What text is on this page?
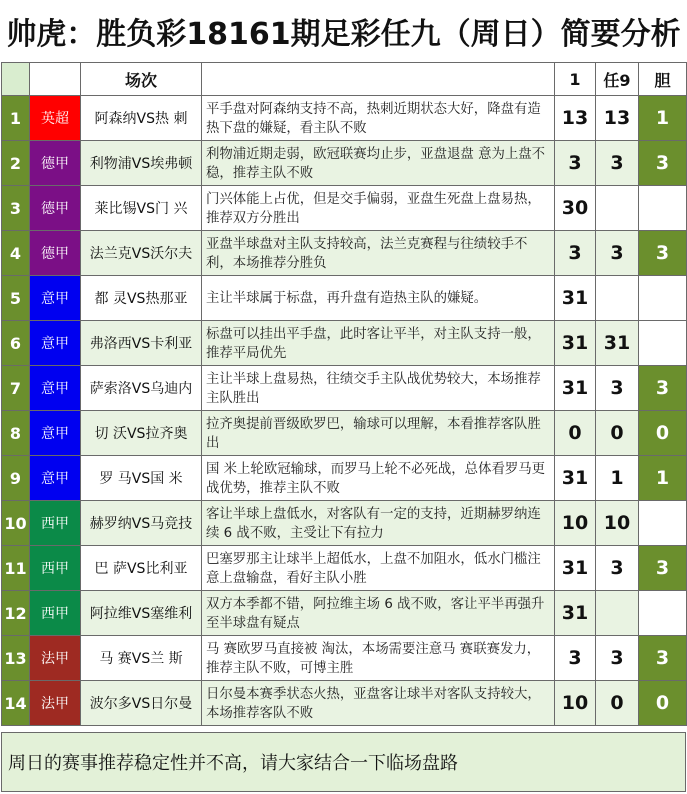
帅虎：胜负彩18161期足彩任九（周日）简要分析
		场次		1	任9	胆
1	英超	阿森纳VS热 刺	平手盘对阿森纳支持不高，热刺近期状态大好，降盘有造热下盘的嫌疑，看主队不败	13	13	1
2	德甲	利物浦VS埃弗顿	利物浦近期走弱，欧冠联赛均止步，亚盘退盘 意为上盘不稳，推荐主队不败	3	3	3
3	德甲	莱比锡VS门 兴	门兴体能上占优，但是交手偏弱，亚盘生死盘上盘易热，推荐双方分胜出	30		
4	德甲	法兰克VS沃尔夫	亚盘半球盘对主队支持较高，法兰克赛程与往绩较手不利，本场推荐分胜负	3	3	3
5	意甲	都 灵VS热那亚	主让半球属于标盘，再升盘有造热主队的嫌疑。	31		
6	意甲	弗洛西VS卡利亚	标盘可以挂出平手盘，此时客让平半，对主队支持一般，推荐平局优先	31	31	
7	意甲	萨索洛VS乌迪内	主让半球上盘易热，往绩交手主队战优势较大，本场推荐主队胜出	31	3	3
8	意甲	切 沃VS拉齐奥	拉齐奥提前晋级欧罗巴，输球可以理解，本看推荐客队胜出	0	0	0
9	意甲	罗 马VS国 米	国 米上轮欧冠输球，而罗马上轮不必死战，总体看罗马更战优势，推荐主队不败	31	1	1
10	西甲	赫罗纳VS马竞技	客让半球上盘低水，对客队有一定的支持，近期赫罗纳连续 6 战不败，主受让下有拉力	10	10	
11	西甲	巴 萨VS比利亚	巴塞罗那主让球半上超低水，上盘不加阻水，低水门槛注意上盘输盘，看好主队小胜	31	3	3
12	西甲	阿拉维VS塞维利	双方本季都不错，阿拉维主场 6 战不败，客让平半再强升至半球盘有疑点	31		
13	法甲	马 赛VS兰 斯	马 赛欧罗马直接被 淘汰，本场需要注意马 赛联赛发力，推荐主队不败，可博主胜	3	3	3
14	法甲	波尔多VS日尔曼	日尔曼本赛季状态火热，亚盘客让球半对客队支持较大，本场推荐客队不败	10	0	0
周日的赛事推荐稳定性并不高，请大家结合一下临场盘路
